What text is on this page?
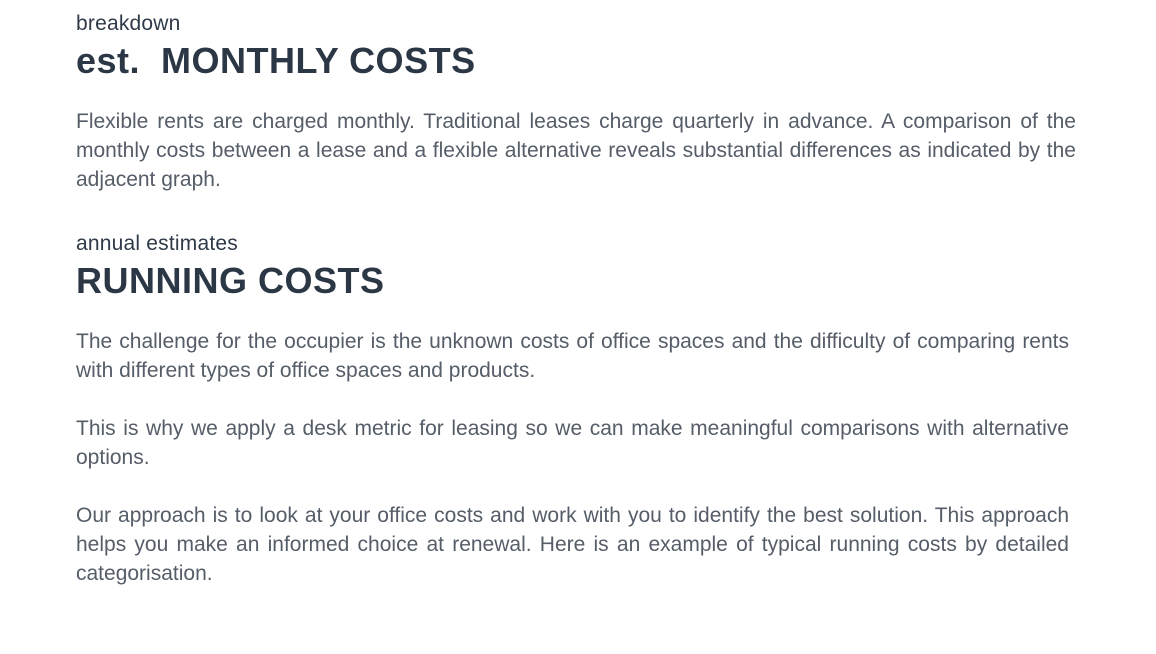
breakdown

est.  MONTHLY COSTS

Flexible rents are charged monthly. Traditional leases charge quarterly in advance. A comparison of the monthly costs between a lease and a flexible alternative reveals substantial differences as indicated by the adjacent graph.

annual estimates

RUNNING COSTS

The challenge for the occupier is the unknown costs of office spaces and the difficulty of comparing rents with different types of office spaces and products.

This is why we apply a desk metric for leasing so we can make meaningful comparisons with alternative options.

Our approach is to look at your office costs and work with you to identify the best solution. This approach helps you make an informed choice at renewal. Here is an example of typical running costs by detailed categorisation.
